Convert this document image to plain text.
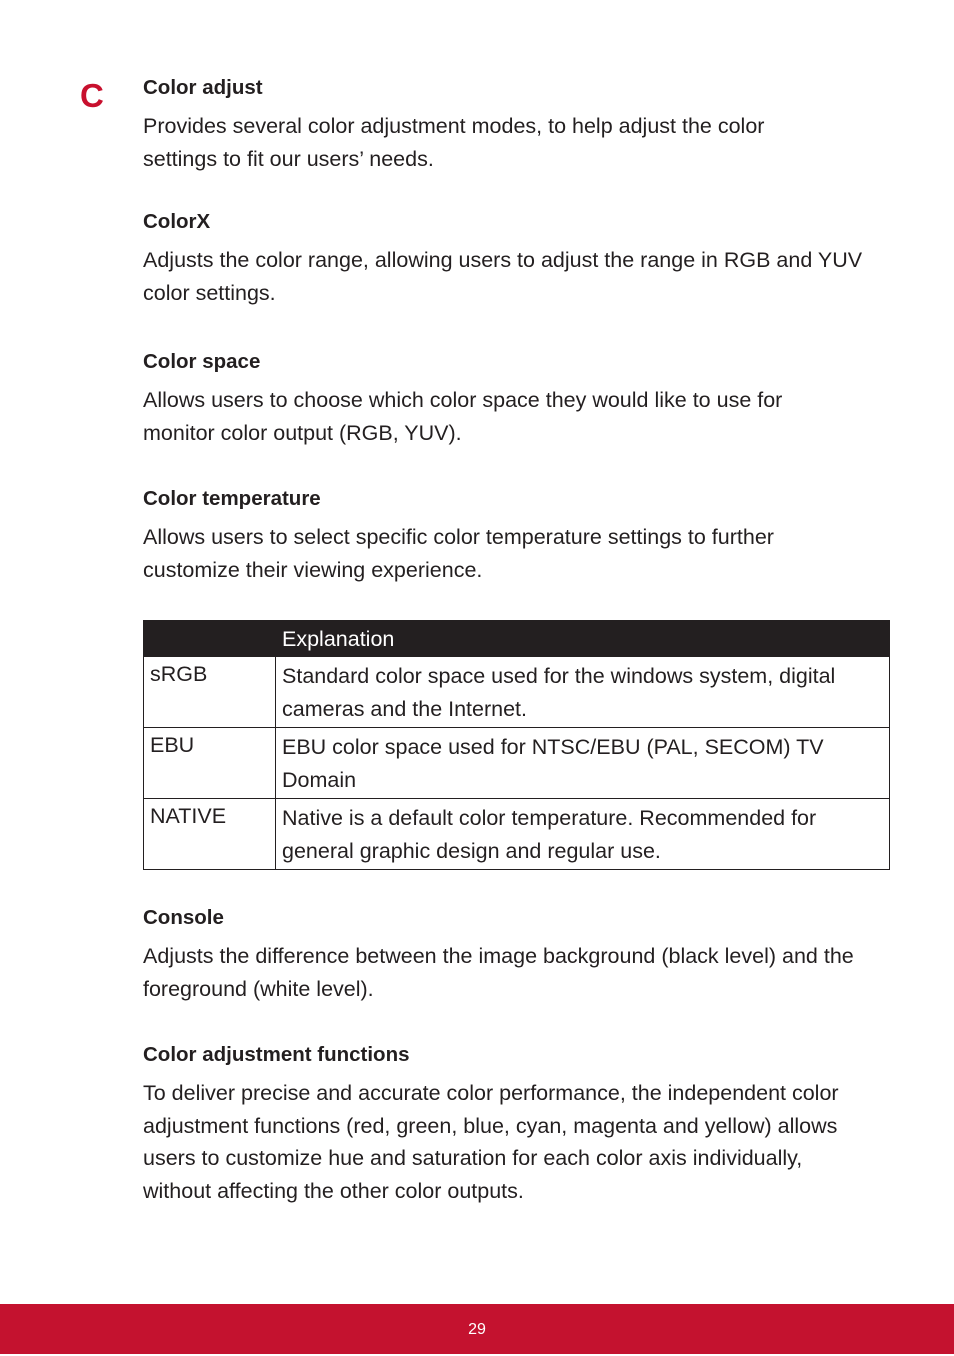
C Color adjust

Provides several color adjustment modes, to help adjust the color settings to fit our users’ needs.

ColorX

Adjusts the color range, allowing users to adjust the range in RGB and YUV color settings.

Color space

Allows users to choose which color space they would like to use for monitor color output (RGB, YUV).

Color temperature

Allows users to select specific color temperature settings to further customize their viewing experience.

Console

Adjusts the difference between the image background (black level) and the foreground (white level).

Color adjustment functions

To deliver precise and accurate color performance, the independent color adjustment functions (red, green, blue, cyan, magenta and yellow) allows users to customize hue and saturation for each color axis individually, without affecting the other color outputs.

	Explanation
sRGB	Standard color space used for the windows system, digital cameras and the Internet.
EBU	EBU color space used for NTSC/EBU (PAL, SECOM) TV Domain
NATIVE	Native is a default color temperature. Recommended for general graphic design and regular use.
29
